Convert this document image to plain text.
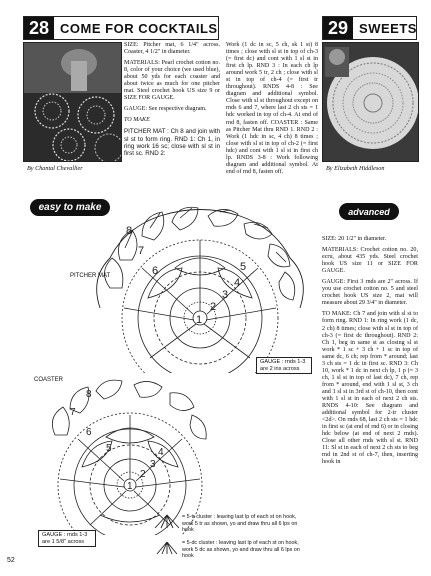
28 COME FOR COCKTAILS	29 SWEETS
By Chantal Chevallier	By Elizabeth Hiddleson

SIZE: Pitcher mat, 6 1/4" across. Coaster, 4 1/2" in diameter.

MATERIALS: Pearl crochet cotton no. 8, color of your choice (we used blue), about 50 yds for each coaster and about twice as much for one pitcher mat. Steel crochet hook US size 9 or SIZE FOR GAUGE.

GAUGE: See respective diagram.

TO MAKE

PITCHER MAT : Ch 8 and join with sl st to form ring. RND 1: Ch 1, in ring work 16 sc; close with sl st in first sc. RND 2:

Work (1 dc in sc, 5 ch, sk 1 st) 8 times ; close with sl st in top of ch-3 (= first dc) and cont with 1 sl st in first ch lp. RND 3 : In each ch lp around work 5 tr, 2 ch ; close with sl st in top of ch-4 (= first tr throughout). RNDS 4-8 : See diagram and additional symbol. Close with sl st throughout except on rnds 6 and 7, where last 2 ch sts = 1 hdc worked in top of ch-4. At end of rnd 8, fasten off. COASTER : Same as Pitcher Mat thru RND 1. RND 2 : Work (1 hdc in sc, 4 ch) 8 times ; close with sl st in top of ch-2 (= first hdc) and cont with 1 sl st in first ch lp. RNDS 3-8 : Work following diagram and additional symbol. At end of rnd 8, fasten off.

SIZE: 20 1/2" in diameter.

MATERIALS: Crochet cotton no. 20, ecru, about 435 yds. Steel crochet hook US size 11 or SIZE FOR GAUGE.

GAUGE: First 3 rnds are 2" across. If you use crochet cotton no. 5 and steel crochet hook US size 2, mat will measure about 29 3/4" in diameter.

TO MAKE: Ch 7 and join with sl st to form ring. RND 1: In ring work (1 dc, 2 ch) 8 times; close with sl st in top of ch-3 (= first dc throughout). RND 2: Ch 1, beg in same st as closing sl st work * 1 sc + 3 ch + 1 sc in top of same dc, 6 ch; rep from * around; last 3 ch sts = 1 dc in first sc. RND 3: Ch 10, work * 1 dc in next ch lp, 1 p (= 3 ch, 1 sl st in top of last dc), 7 ch, rep from * around, end with 1 sl st, 3 ch and 1 sl st in 3rd st of ch-10, then cont with 1 sl st in each of next 2 ch sts. RNDS 4-10: See diagram and additional symbol for 2-tr cluster <2d>. On rnds 68, last 2 ch sts = 1 hdc in first sc (at end of rnd 6) or in closing hdc below (at end of next 2 rnds). Close all other rnds with sl st. RND 11: Sl st in each of next 2 ch sts to beg rnd in 2nd st of ch-7, then, inserting hook in

easy to make	advanced
1
2
3
4
5
6
7
8
PITCHER MAT
GAUGE : rnds 1-3 are 2 ins across
1
2
3
4
5
6
7
8
COASTER
GAUGE : rnds 1-3 are 1 5/8" across
= 5-tr cluster : leaving last lp of each st on hook, work 5 tr as shown, yo and draw thru all 6 lps on hook
= 5-dc cluster : leaving last lp of each st on hook, work 5 dc as shown, yo and draw thru all 6 lps on hook
52
